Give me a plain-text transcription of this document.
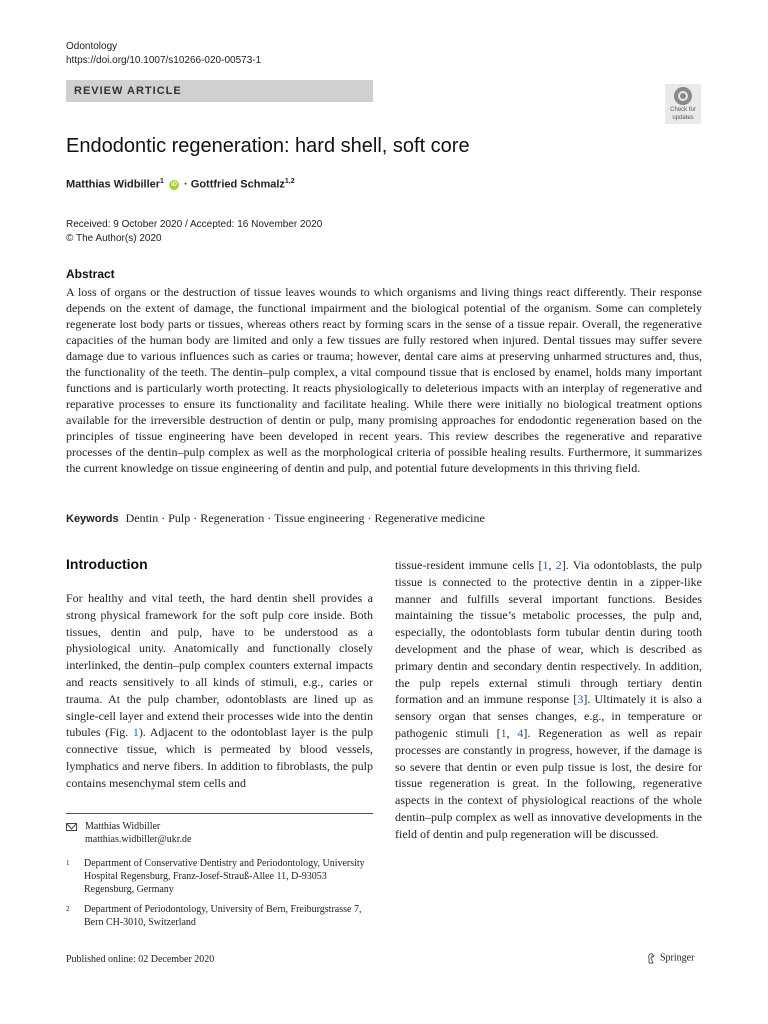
Odontology
https://doi.org/10.1007/s10266-020-00573-1
REVIEW ARTICLE
Check for
updates
Endodontic regeneration: hard shell, soft core
Matthias Widbiller$^1$ iD · Gottfried Schmalz$^{1,2}$
Received: 9 October 2020 / Accepted: 16 November 2020
© The Author(s) 2020
Abstract

A loss of organs or the destruction of tissue leaves wounds to which organisms and living things react differently. Their response depends on the extent of damage, the functional impairment and the biological potential of the organism. Some can completely regenerate lost body parts or tissues, whereas others react by forming scars in the sense of a tissue repair. Overall, the regenerative capacities of the human body are limited and only a few tissues are fully restored when injured. Dental tissues may suffer severe damage due to various influences such as caries or trauma; however, dental care aims at preserving unharmed structures and, thus, the functionality of the teeth. The dentin–pulp complex, a vital compound tissue that is enclosed by enamel, holds many important functions and is particularly worth protecting. It reacts physiologically to deleterious impacts with an interplay of regenerative and reparative processes to ensure its functionality and facilitate healing. While there were initially no biological treatment options available for the irreversible destruction of dentin or pulp, many promising approaches for endodontic regeneration based on the principles of tissue engineering have been developed in recent years. This review describes the regenerative and reparative processes of the dentin–pulp complex as well as the morphological criteria of possible healing results. Furthermore, it summarizes the current knowledge on tissue engineering of dentin and pulp, and potential future developments in this thriving field.

Keywords Dentin · Pulp · Regeneration · Tissue engineering · Regenerative medicine
Introduction

For healthy and vital teeth, the hard dentin shell provides a strong physical framework for the soft pulp core inside. Both tissues, dentin and pulp, have to be understood as a physiological unity. Anatomically and functionally closely interlinked, the dentin–pulp complex counters external impacts and reacts sensitively to all kinds of stimuli, e.g., caries or trauma. At the pulp chamber, odontoblasts are lined up as single-cell layer and extend their processes wide into the dentin tubules (Fig. 1). Adjacent to the odontoblast layer is the pulp connective tissue, which is permeated by blood vessels, lymphatics and nerve fibers. In addition to fibroblasts, the pulp contains mesenchymal stem cells and

tissue-resident immune cells [1, 2]. Via odontoblasts, the pulp tissue is connected to the protective dentin in a zipper-like manner and fulfills several important functions. Besides maintaining the tissue’s metabolic processes, the pulp and, especially, the odontoblasts form tubular dentin during tooth development and the phase of wear, which is described as primary dentin and secondary dentin respectively. In addition, the pulp repels external stimuli through tertiary dentin formation and an immune response [3]. Ultimately it is also a sensory organ that senses changes, e.g., in temperature or pathogenic stimuli [1, 4]. Regeneration as well as repair processes are constantly in progress, however, if the damage is so severe that dentin or even pulp tissue is lost, the desire for tissue regeneration is great. In the following, regenerative aspects in the context of physiological reactions of the whole dentin–pulp complex as well as innovative developments in the field of dentin and pulp regeneration will be discussed.

Matthias Widbiller
matthias.widbiller@ukr.de
1 Department of Conservative Dentistry and Periodontology, University Hospital Regensburg, Franz-Josef-Strauß-Allee 11, D-93053 Regensburg, Germany
2 Department of Periodontology, University of Bern, Freiburgstrasse 7, Bern CH-3010, Switzerland
Published online: 02 December 2020	Springer
